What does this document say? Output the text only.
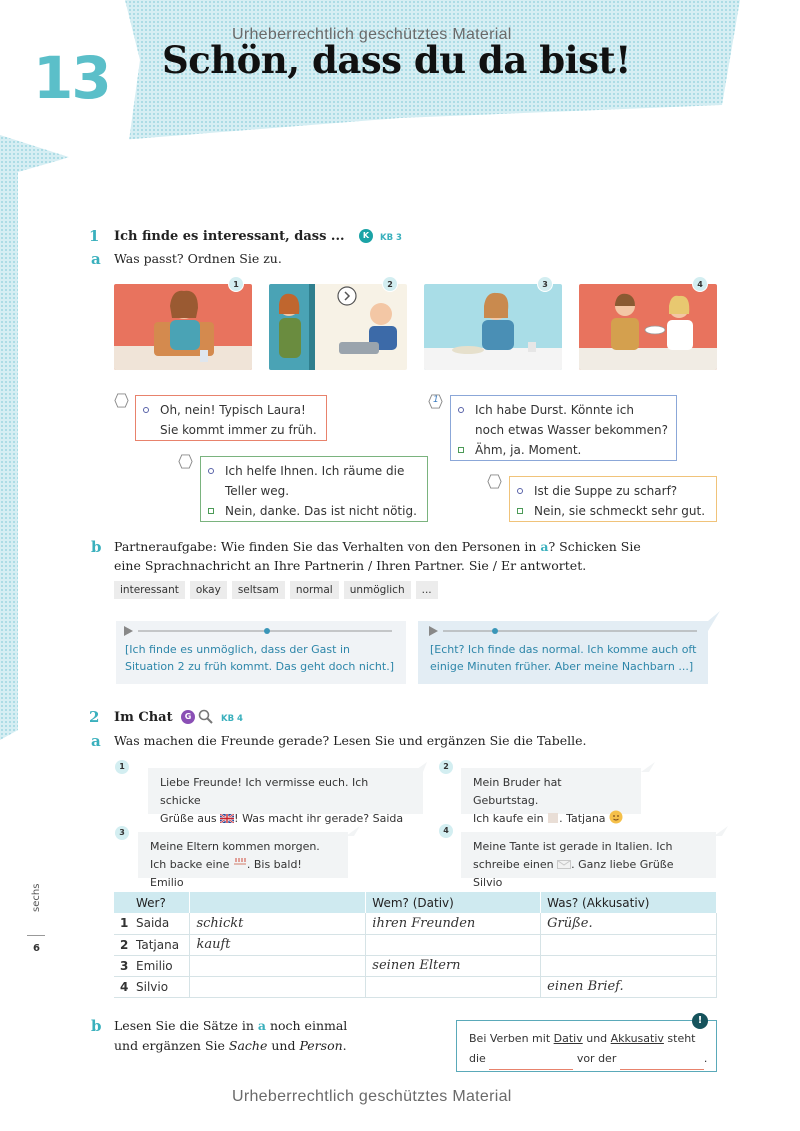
Urheberrechtlich geschütztes Material
13 Schön, dass du da bist!
1 Ich finde es interessant, dass ...	K	KB 3
a Was passt? Ordnen Sie zu.
1	2	3	4
Oh, nein! Typisch Laura!
Sie kommt immer zu früh.
1
Ich habe Durst. Könnte ich
noch etwas Wasser bekommen?
Ähm, ja. Moment.
Ich helfe Ihnen. Ich räume die
Teller weg.
Nein, danke. Das ist nicht nötig.
Ist die Suppe zu scharf?
Nein, sie schmeckt sehr gut.
b Partneraufgabe: Wie finden Sie das Verhalten von den Personen in a? Schicken Sie
eine Sprachnachricht an Ihre Partnerin / Ihren Partner. Sie / Er antwortet.
interessant	okay	seltsam	normal	unmöglich	...
[Ich finde es unmöglich, dass der Gast in
Situation 2 zu früh kommt. Das geht doch nicht.]
[Echt? Ich finde das normal. Ich komme auch oft
einige Minuten früher. Aber meine Nachbarn ...]
2 Im Chat	G	KB 4
a Was machen die Freunde gerade? Lesen Sie und ergänzen Sie die Tabelle.
1
Liebe Freunde! Ich vermisse euch. Ich schicke
Grüße aus ! Was macht ihr gerade? Saida
2
Mein Bruder hat Geburtstag.
Ich kaufe ein . Tatjana
3
Meine Eltern kommen morgen.
Ich backe eine . Bis bald! Emilio
4
Meine Tante ist gerade in Italien. Ich
schreibe einen . Ganz liebe Grüße Silvio
Wer?		Wem? (Dativ)	Was? (Akkusativ)
1 Saida	schickt	ihren Freunden	Grüße.
2 Tatjana	kauft		
3 Emilio		seinen Eltern	
4 Silvio			einen Brief.
b Lesen Sie die Sätze in a noch einmal
und ergänzen Sie Sache und Person.	Bei Verben mit Dativ und Akkusativ steht
die	vor der	.
!
sechs
6
Urheberrechtlich geschütztes Material
